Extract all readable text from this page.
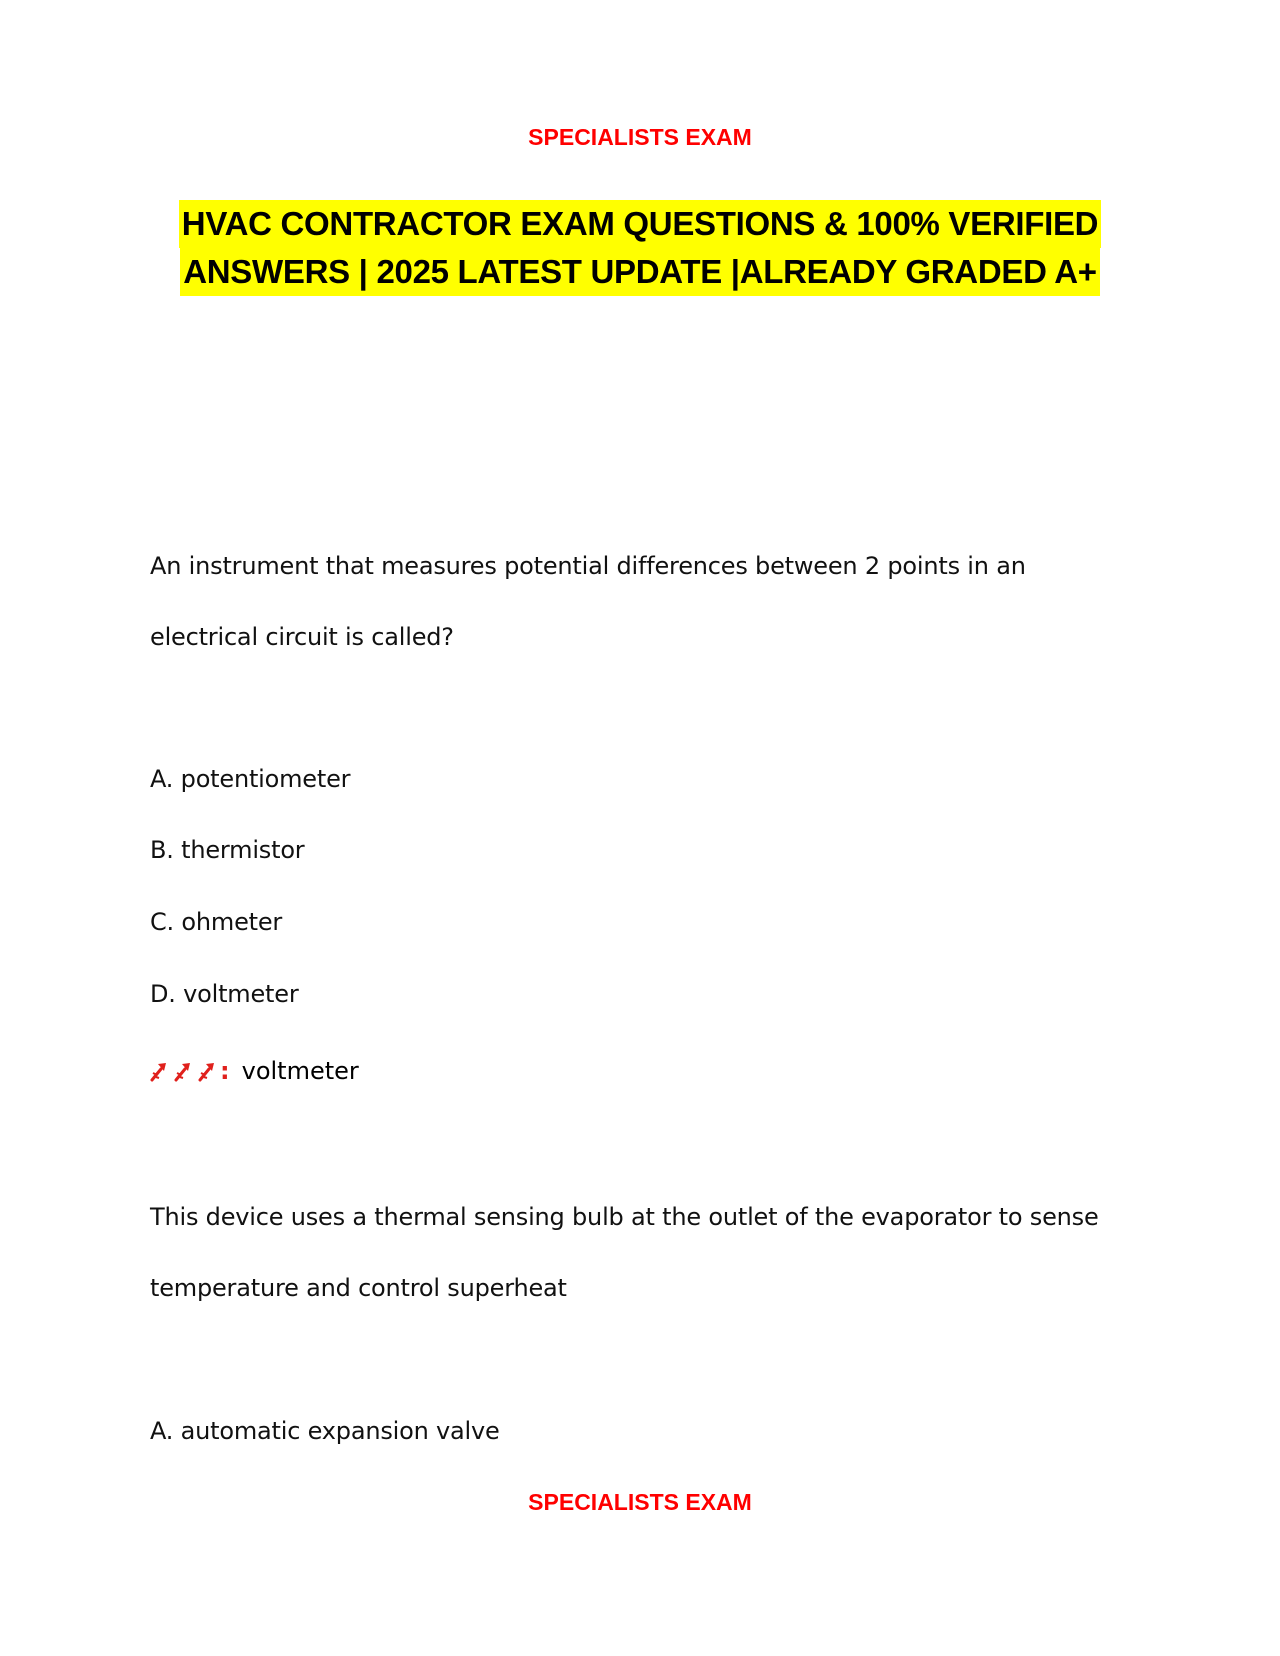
SPECIALISTS EXAM
HVAC CONTRACTOR EXAM QUESTIONS & 100% VERIFIED
ANSWERS | 2025 LATEST UPDATE |ALREADY GRADED A+
An instrument that measures potential differences between 2 points in an
electrical circuit is called?
A. potentiometer
B. thermistor
C. ohmeter
D. voltmeter
: voltmeter
This device uses a thermal sensing bulb at the outlet of the evaporator to sense
temperature and control superheat
A. automatic expansion valve
SPECIALISTS EXAM
